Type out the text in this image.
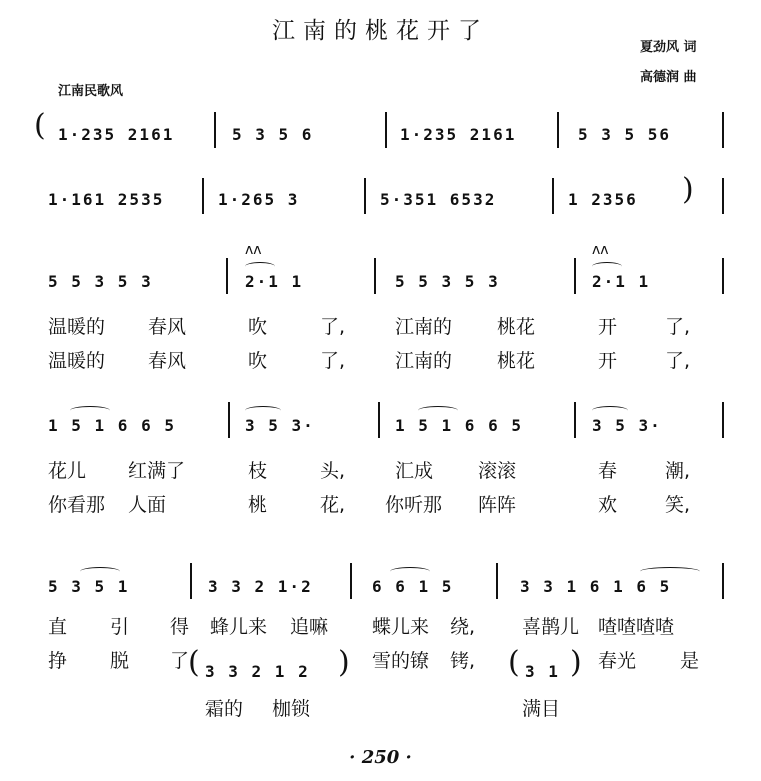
江南的桃花开了
夏劲风 词
高德润 曲
江南民歌风
( 1·235 2161	5 3 5 6	1·235 2161	5 3 5 56
1·161 2535	1·265 3	5·351 6532	1 2356 )
5 5 3 5 3
ʌʌ
2·1 1	5 5 3 5 3
ʌʌ
2·1 1
温暖的 春风	吹	了,	江南的 桃花	开	了,
温暖的 春风	吹	了,	江南的 桃花	开	了,
1 5 1 6 6 5	3 5 3·	1 5 1 6 6 5	3 5 3·
花儿 红满了	枝	头,	汇成 滚滚	春	潮,
你看那 人面	桃	花, 你听那 阵阵	欢	笑,
5 3 5 1	3 3 2 1·2	6 6 1 5	3 3 1 6 1 6 5
直 引 得 蜂儿来 追嘛 蝶儿来 绕, 喜鹊儿 喳喳喳喳
挣 脱 了	雪的镣 铐,	春光 是
( 3 3 2 1 2 )	( 3 1 )
霜的 枷锁	满目
· 250 ·
